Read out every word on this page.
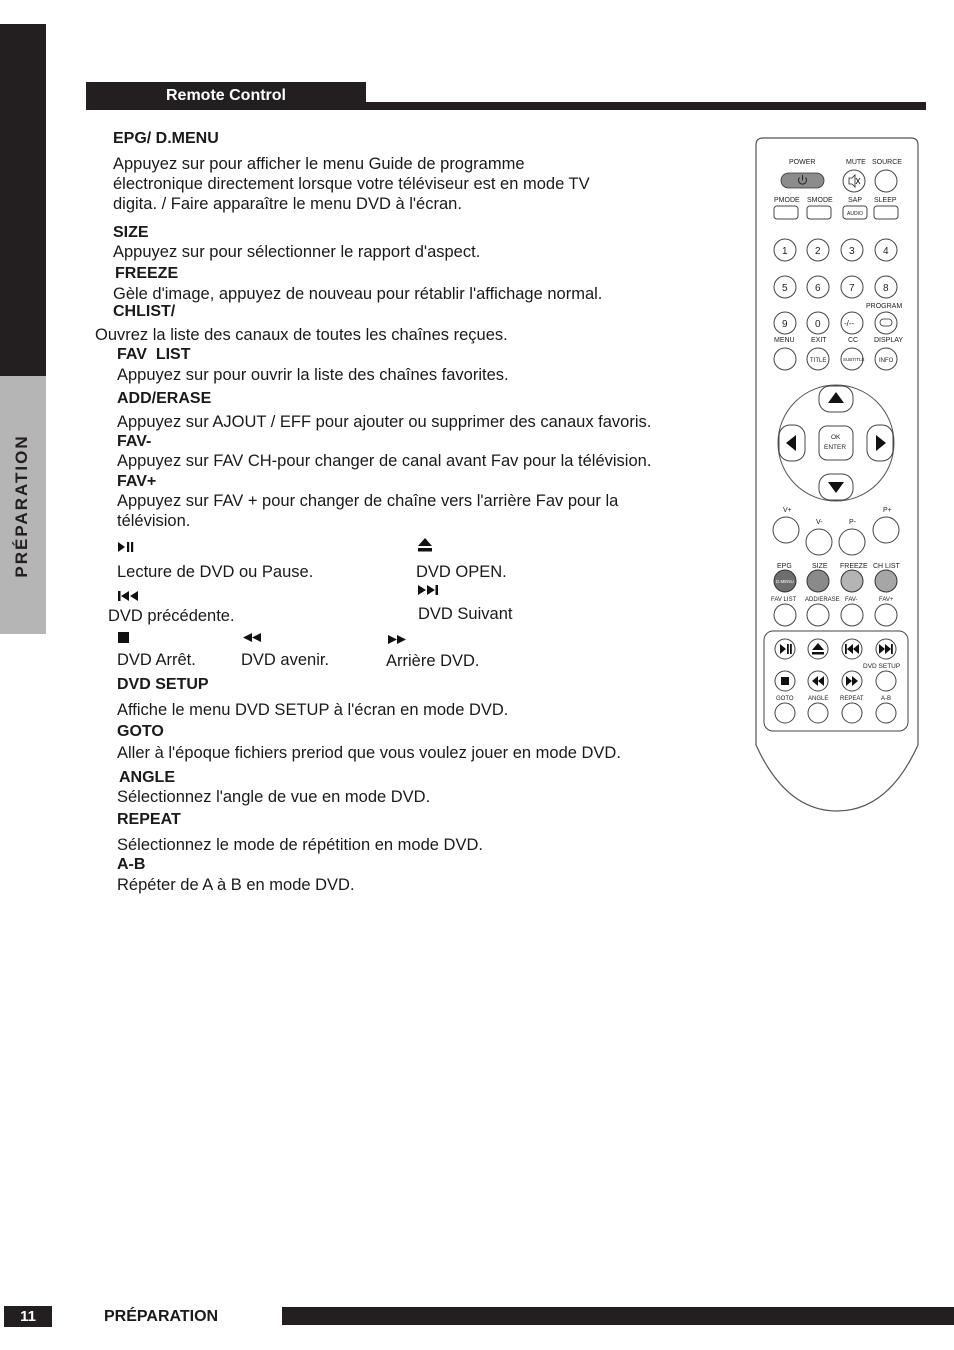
PRÉPARATION
Remote Control
EPG/ D.MENU
Appuyez sur pour afficher le menu Guide de programme
électronique directement lorsque votre téléviseur est en mode TV
digita. / Faire apparaître le menu DVD à l'écran.
SIZE
Appuyez sur pour sélectionner le rapport d'aspect.
FREEZE
Gèle d'image, appuyez de nouveau pour rétablir l'affichage normal.
CHLIST/
Ouvrez la liste des canaux de toutes les chaînes reçues.
FAV  LIST
Appuyez sur pour ouvrir la liste des chaînes favorites.
ADD/ERASE
Appuyez sur AJOUT / EFF pour ajouter ou supprimer des canaux favoris.
FAV-
Appuyez sur FAV CH-pour changer de canal avant Fav pour la télévision.
FAV+
Appuyez sur FAV + pour changer de chaîne vers l'arrière Fav pour la
télévision.
Lecture de DVD ou Pause.	DVD OPEN.
DVD précédente.	DVD Suivant
DVD Arrêt.	DVD avenir.	Arrière DVD.
DVD SETUP
Affiche le menu DVD SETUP à l'écran en mode DVD.
GOTO
Aller à l'époque fichiers preriod que vous voulez jouer en mode DVD.
ANGLE
Sélectionnez l'angle de vue en mode DVD.
REPEAT
Sélectionnez le mode de répétition en mode DVD.
A-B
Répéter de A à B en mode DVD.
POWER	MUTE SOURCE
PMODE SMODE SAP SLEEP
AUDIO
1	2	3	4
5	6	7	8
PROGRAM
9	0	-/--
MENU EXIT	CC DISPLAY
TITLE	SUBTITLE INFO
OK
ENTER
V+
V-	P-
P+
EPG	SIZE FREEZE CH LIST
D.MENU
FAV LIST ADD/ERASE FAV-	FAV+
DVD SETUP
GOTO ANGLE REPEAT	A-B
11	PRÉPARATION
